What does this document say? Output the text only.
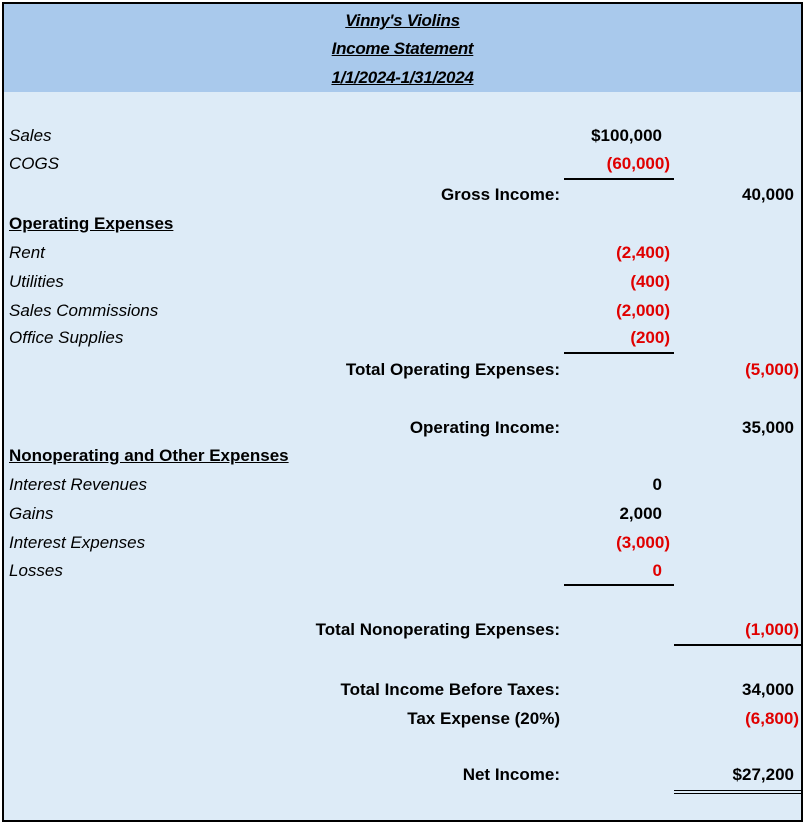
Vinny's Violins
Income Statement
1/1/2024-1/31/2024
Sales	$100,000
COGS	(60,000)
Gross Income:	40,000
Operating Expenses
Rent	(2,400)
Utilities	(400)
Sales Commissions	(2,000)
Office Supplies	(200)
Total Operating Expenses:	(5,000)
Operating Income:	35,000
Nonoperating and Other Expenses
Interest Revenues	0
Gains	2,000
Interest Expenses	(3,000)
Losses	0
Total Nonoperating Expenses:	(1,000)
Total Income Before Taxes:	34,000
Tax Expense (20%)	(6,800)
Net Income:	$27,200
